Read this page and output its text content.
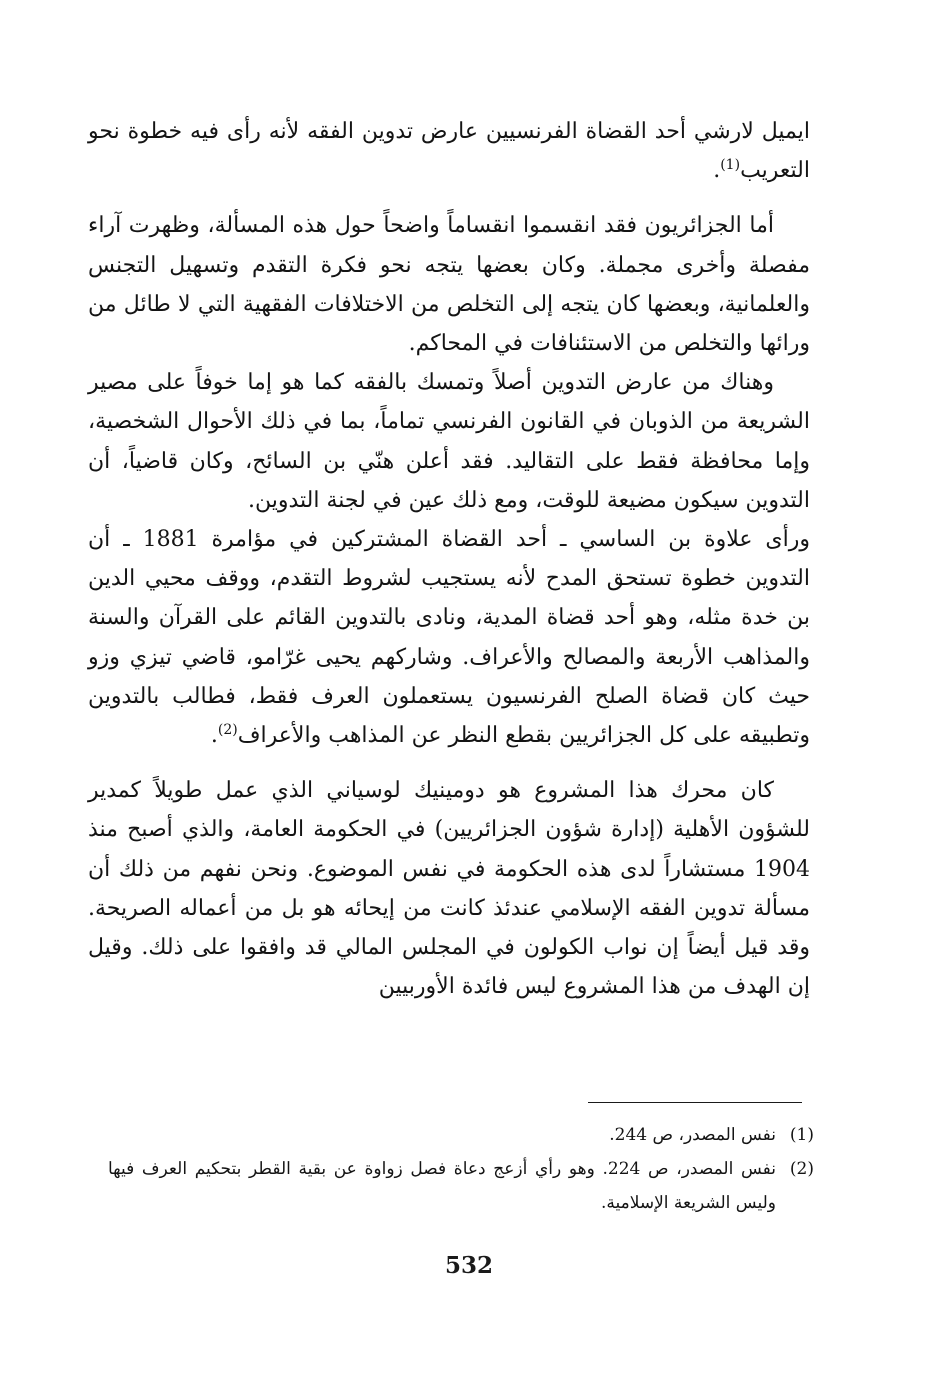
ايميل لارشي أحد القضاة الفرنسيين عارض تدوين الفقه لأنه رأى فيه خطوة نحو التعريب$^{(1)}$.

أما الجزائريون فقد انقسموا انقساماً واضحاً حول هذه المسألة، وظهرت آراء مفصلة وأخرى مجملة. وكان بعضها يتجه نحو فكرة التقدم وتسهيل التجنس والعلمانية، وبعضها كان يتجه إلى التخلص من الاختلافات الفقهية التي لا طائل من ورائها والتخلص من الاستئنافات في المحاكم.
وهناك من عارض التدوين أصلاً وتمسك بالفقه كما هو إما خوفاً على مصير الشريعة من الذوبان في القانون الفرنسي تماماً، بما في ذلك الأحوال الشخصية، وإما محافظة فقط على التقاليد. فقد أعلن هنّي بن السائح، وكان قاضياً، أن التدوين سيكون مضيعة للوقت، ومع ذلك عين في لجنة التدوين.
ورأى علاوة بن الساسي ـ أحد القضاة المشتركين في مؤامرة 1881 ـ أن التدوين خطوة تستحق المدح لأنه يستجيب لشروط التقدم، ووقف محيي الدين بن خدة مثله، وهو أحد قضاة المدية، ونادى بالتدوين القائم على القرآن والسنة والمذاهب الأربعة والمصالح والأعراف. وشاركهم يحيى غرّامو، قاضي تيزي وزو حيث كان قضاة الصلح الفرنسيون يستعملون العرف فقط، فطالب بالتدوين وتطبيقه على كل الجزائريين بقطع النظر عن المذاهب والأعراف$^{(2)}$.

كان محرك هذا المشروع هو دومينيك لوسياني الذي عمل طويلاً كمدير للشؤون الأهلية (إدارة شؤون الجزائريين) في الحكومة العامة، والذي أصبح منذ 1904 مستشاراً لدى هذه الحكومة في نفس الموضوع. ونحن نفهم من ذلك أن مسألة تدوين الفقه الإسلامي عندئذ كانت من إيحائه هو بل من أعماله الصريحة. وقد قيل أيضاً إن نواب الكولون في المجلس المالي قد وافقوا على ذلك. وقيل إن الهدف من هذا المشروع ليس فائدة الأوربيين

(1)
نفس المصدر، ص 244.
(2)
نفس المصدر، ص 224. وهو رأي أزعج دعاة فصل زواوة عن بقية القطر بتحكيم العرف فيها وليس الشريعة الإسلامية.
532
